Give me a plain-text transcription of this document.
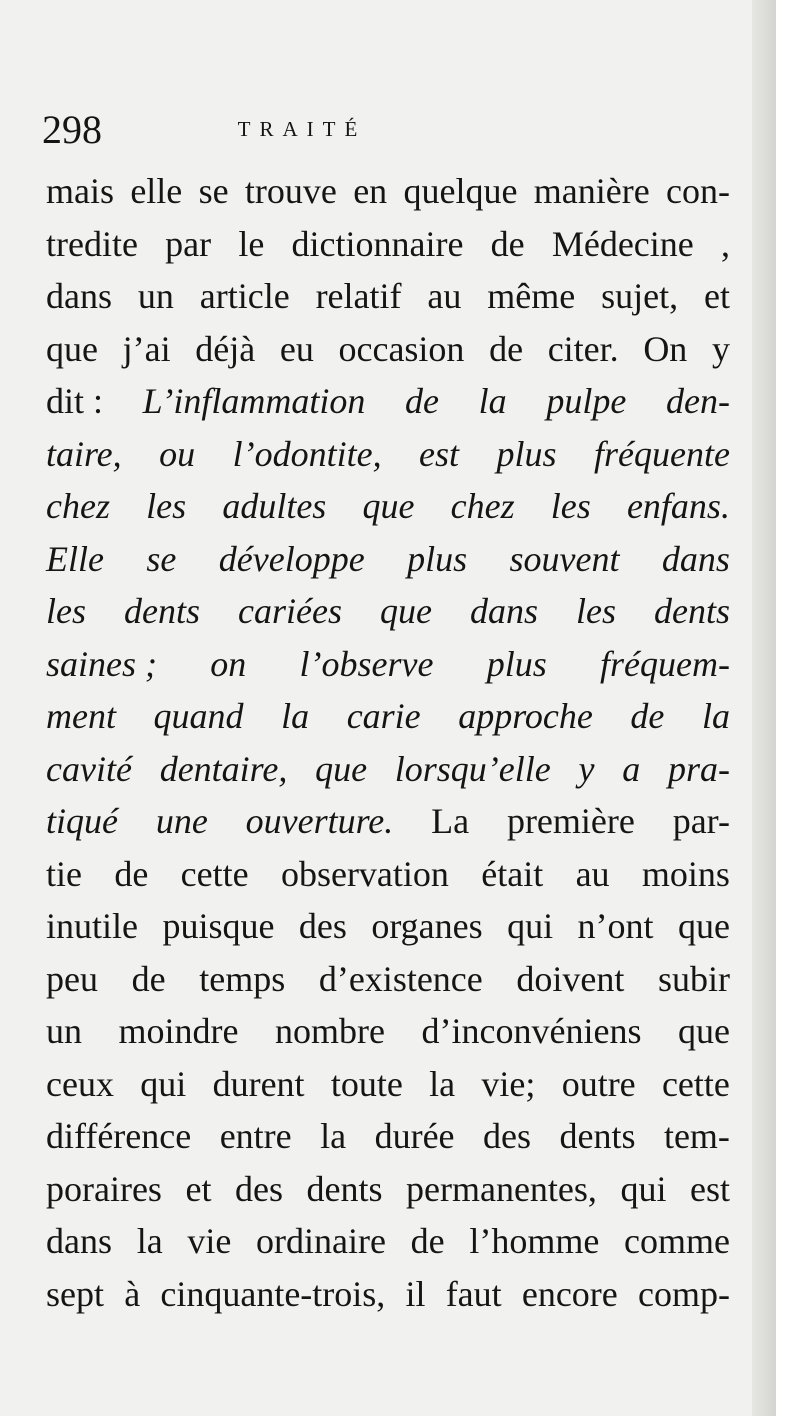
298	TRAITÉ
mais elle se trouve en quelque manière con-
tredite par le dictionnaire de Médecine ,
dans un article relatif au même sujet, et
que j’ai déjà eu occasion de citer. On y
dit : L’inflammation de la pulpe den-
taire, ou l’odontite, est plus fréquente
chez les adultes que chez les enfans.
Elle se développe plus souvent dans
les dents cariées que dans les dents
saines ; on l’observe plus fréquem-
ment quand la carie approche de la
cavité dentaire, que lorsqu’elle y a pra-
tiqué une ouverture. La première par-
tie de cette observation était au moins
inutile puisque des organes qui n’ont que
peu de temps d’existence doivent subir
un moindre nombre d’inconvéniens que
ceux qui durent toute la vie; outre cette
différence entre la durée des dents tem-
poraires et des dents permanentes, qui est
dans la vie ordinaire de l’homme comme
sept à cinquante-trois, il faut encore comp-
